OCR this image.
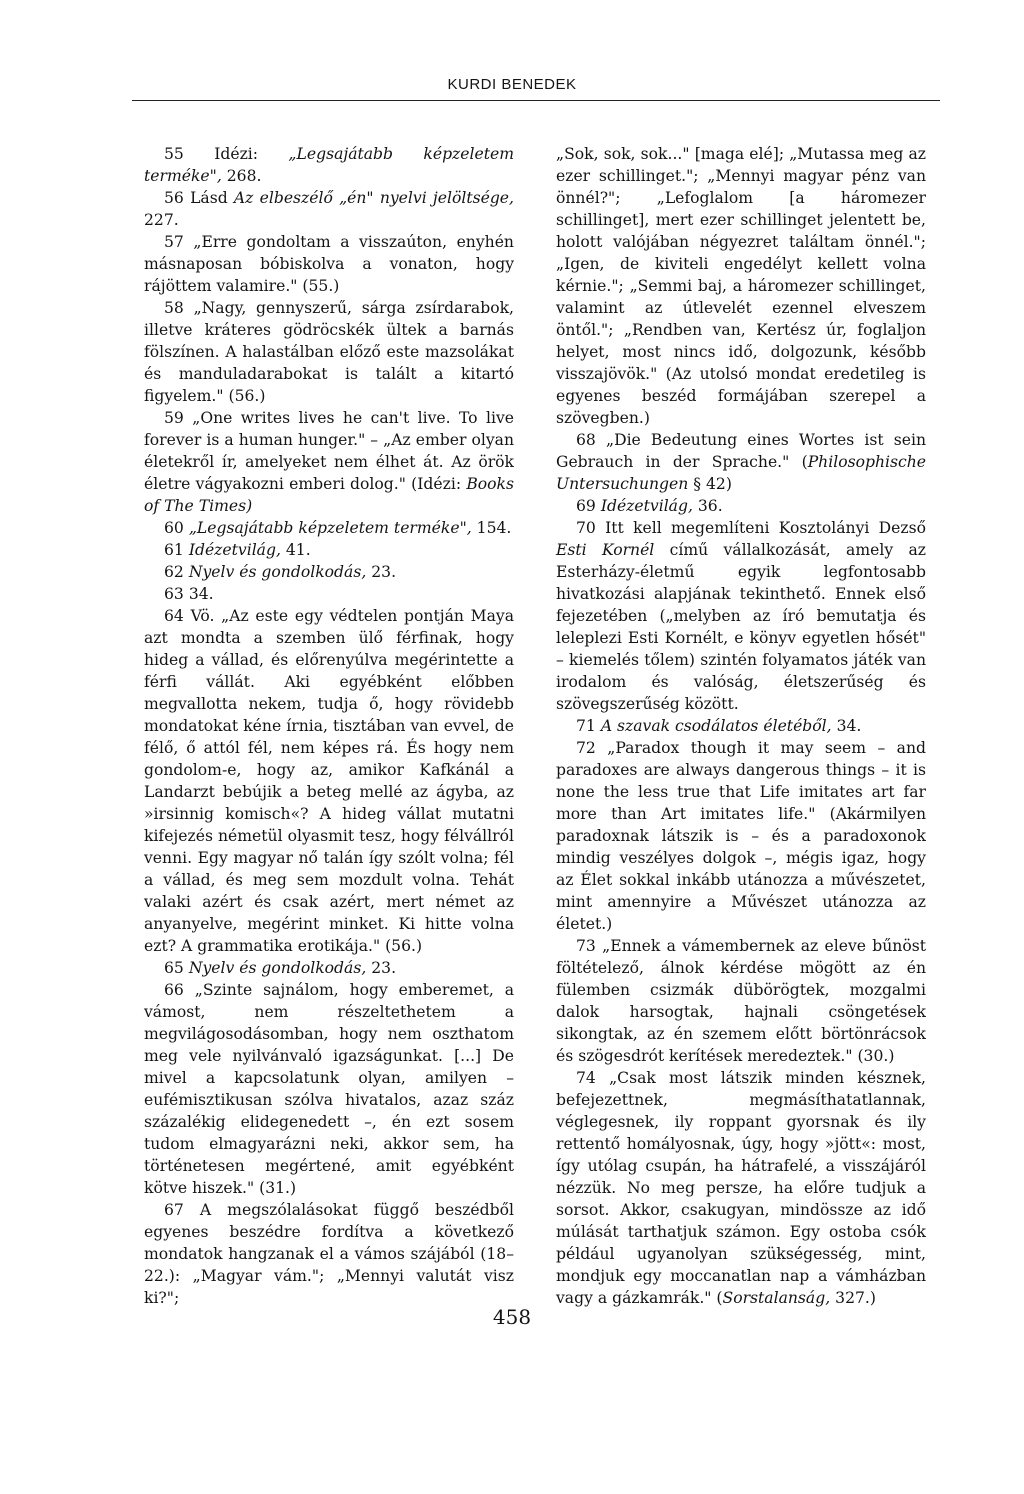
KURDI BENEDEK

55 Idézi: „Legsajátabb képzeletem terméke", 268.

56 Lásd Az elbeszélő „én" nyelvi jelöltsége, 227.

57 „Erre gondoltam a visszaúton, enyhén másnaposan bóbiskolva a vonaton, hogy rájöttem valamire." (55.)

58 „Nagy, gennyszerű, sárga zsírdarabok, illetve kráteres gödröcskék ültek a barnás fölszínen. A halastálban előző este mazsolákat és manduladarabokat is talált a kitartó figyelem." (56.)

59 „One writes lives he can't live. To live forever is a human hunger." – „Az ember olyan életekről ír, amelyeket nem élhet át. Az örök életre vágyakozni emberi dolog." (Idézi: Books of The Times)

60 „Legsajátabb képzeletem terméke", 154.

61 Idézetvilág, 41.

62 Nyelv és gondolkodás, 23.

63 34.

64 Vö. „Az este egy védtelen pontján Maya azt mondta a szemben ülő férfinak, hogy hideg a vállad, és előrenyúlva megérintette a férfi vállát. Aki egyébként előbben megvallotta nekem, tudja ő, hogy rövidebb mondatokat kéne írnia, tisztában van evvel, de félő, ő attól fél, nem képes rá. És hogy nem gondolom-e, hogy az, amikor Kafkánál a Landarzt bebújik a beteg mellé az ágyba, az »irsinnig komisch«? A hideg vállat mutatni kifejezés németül olyasmit tesz, hogy félvállról venni. Egy magyar nő talán így szólt volna; fél a vállad, és meg sem mozdult volna. Tehát valaki azért és csak azért, mert német az anyanyelve, megérint minket. Ki hitte volna ezt? A grammatika erotikája." (56.)

65 Nyelv és gondolkodás, 23.

66 „Szinte sajnálom, hogy emberemet, a vámost, nem részeltethetem a megvilágosodásomban, hogy nem oszthatom meg vele nyilvánvaló igazságunkat. [...] De mivel a kapcsolatunk olyan, amilyen – eufémisztikusan szólva hivatalos, azaz száz százalékig elidegenedett –, én ezt sosem tudom elmagyarázni neki, akkor sem, ha történetesen megértené, amit egyébként kötve hiszek." (31.)

67 A megszólalásokat függő beszédből egyenes beszédre fordítva a következő mondatok hangzanak el a vámos szájából (18–22.): „Magyar vám."; „Mennyi valutát visz ki?";

„Sok, sok, sok..." [maga elé]; „Mutassa meg az ezer schillinget."; „Mennyi magyar pénz van önnél?"; „Lefoglalom [a háromezer schillinget], mert ezer schillinget jelentett be, holott valójában négyezret találtam önnél."; „Igen, de kiviteli engedélyt kellett volna kérnie."; „Semmi baj, a háromezer schillinget, valamint az útlevelét ezennel elveszem öntől."; „Rendben van, Kertész úr, foglaljon helyet, most nincs idő, dolgozunk, később visszajövök." (Az utolsó mondat eredetileg is egyenes beszéd formájában szerepel a szövegben.)

68 „Die Bedeutung eines Wortes ist sein Gebrauch in der Sprache." (Philosophische Untersuchungen § 42)

69 Idézetvilág, 36.

70 Itt kell megemlíteni Kosztolányi Dezső Esti Kornél című vállalkozását, amely az Esterházy-életmű egyik legfontosabb hivatkozási alapjának tekinthető. Ennek első fejezetében („melyben az író bemutatja és leleplezi Esti Kornélt, e könyv egyetlen hősét" – kiemelés tőlem) szintén folyamatos játék van irodalom és valóság, életszerűség és szövegszerűség között.

71 A szavak csodálatos életéből, 34.

72 „Paradox though it may seem – and paradoxes are always dangerous things – it is none the less true that Life imitates art far more than Art imitates life." (Akármilyen paradoxnak látszik is – és a paradoxonok mindig veszélyes dolgok –, mégis igaz, hogy az Élet sokkal inkább utánozza a művészetet, mint amennyire a Művészet utánozza az életet.)

73 „Ennek a vámembernek az eleve bűnöst föltételező, álnok kérdése mögött az én fülemben csizmák dübörögtek, mozgalmi dalok harsogtak, hajnali csöngetések sikongtak, az én szemem előtt börtönrácsok és szögesdrót kerítések meredeztek." (30.)

74 „Csak most látszik minden késznek, befejezettnek, megmásíthatatlannak, véglegesnek, ily roppant gyorsnak és ily rettentő homályosnak, úgy, hogy »jött«: most, így utólag csupán, ha hátrafelé, a visszájáról nézzük. No meg persze, ha előre tudjuk a sorsot. Akkor, csakugyan, mindössze az idő múlását tarthatjuk számon. Egy ostoba csók például ugyanolyan szükségesség, mint, mondjuk egy moccanatlan nap a vámházban vagy a gázkamrák." (Sorstalanság, 327.)

458
